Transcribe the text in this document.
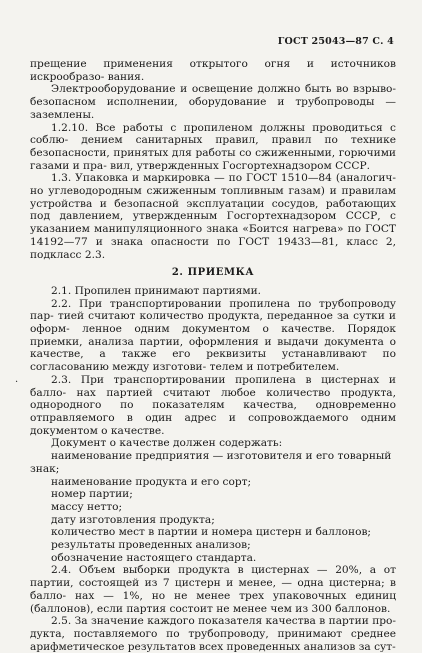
ГОСТ 25043—87 С. 4
·

прещение применения открытого огня и источников искрообразо- вания.

Электрооборудование и освещение должно быть во взрыво- безопасном исполнении, оборудование и трубопроводы — заземлены.

1.2.10. Все работы с пропиленом должны проводиться с соблю- дением санитарных правил, правил по технике безопасности, принятых для работы со сжиженными, горючими газами и пра- вил, утвержденных Госгортехнадзором СССР.

1.3. Упаковка и маркировка — по ГОСТ 1510—84 (аналогич- но углеводородным сжиженным топливным газам) и правилам устройства и безопасной эксплуатации сосудов, работающих под давлением, утвержденным Госгортехнадзором СССР, с указанием манипуляционного знака «Боится нагрева» по ГОСТ 14192—77 и знака опасности по ГОСТ 19433—81, класс 2, подкласс 2.3.

2. ПРИЕМКА

2.1. Пропилен принимают партиями.

2.2. При транспортировании пропилена по трубопроводу пар- тией считают количество продукта, переданное за сутки и оформ- ленное одним документом о качестве. Порядок приемки, анализа партии, оформления и выдачи документа о качестве, а также его реквизиты устанавливают по согласованию между изготови- телем и потребителем.

2.3. При транспортировании пропилена в цистернах и балло- нах партией считают любое количество продукта, однородного по показателям качества, одновременно отправляемого в один адрес и сопровождаемого одним документом о качестве.

Документ о качестве должен содержать:

наименование предприятия — изготовителя и его товарный

знак;

наименование продукта и его сорт;

номер партии;

массу нетто;

дату изготовления продукта;

количество мест в партии и номера цистерн и баллонов;

результаты проведенных анализов;

обозначение настоящего стандарта.

2.4. Объем выборки продукта в цистернах — 20%, а от партии, состоящей из 7 цистерн и менее, — одна цистерна; в балло- нах — 1%, но не менее трех упаковочных единиц (баллонов), если партия состоит не менее чем из 300 баллонов.

2.5. За значение каждого показателя качества в партии про- дукта, поставляемого по трубопроводу, принимают среднее арифметическое результатов всех проведенных анализов за сут-
